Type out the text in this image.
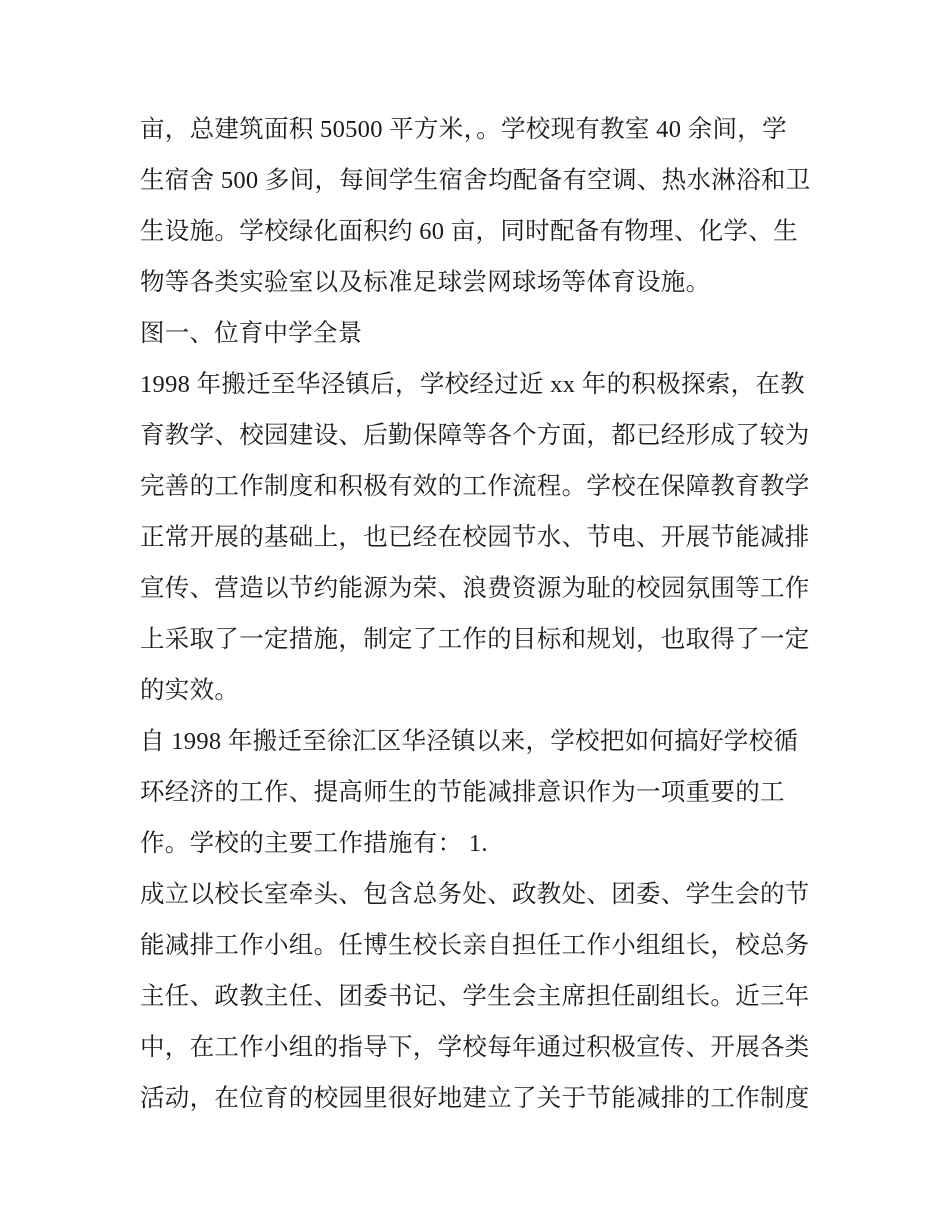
亩，总建筑面积 50500 平方米，。学校现有教室 40 余间，学
生宿舍 500 多间，每间学生宿舍均配备有空调、热水淋浴和卫
生设施。学校绿化面积约 60 亩，同时配备有物理、化学、生
物等各类实验室以及标准足球尝网球场等体育设施。
图一、位育中学全景
1998 年搬迁至华泾镇后，学校经过近 xx 年的积极探索，在教
育教学、校园建设、后勤保障等各个方面，都已经形成了较为
完善的工作制度和积极有效的工作流程。学校在保障教育教学
正常开展的基础上，也已经在校园节水、节电、开展节能减排
宣传、营造以节约能源为荣、浪费资源为耻的校园氛围等工作
上采取了一定措施，制定了工作的目标和规划，也取得了一定
的实效。
自 1998 年搬迁至徐汇区华泾镇以来，学校把如何搞好学校循
环经济的工作、提高师生的节能减排意识作为一项重要的工
作。学校的主要工作措施有： 1.
成立以校长室牵头、包含总务处、政教处、团委、学生会的节
能减排工作小组。任博生校长亲自担任工作小组组长，校总务
主任、政教主任、团委书记、学生会主席担任副组长。近三年
中，在工作小组的指导下，学校每年通过积极宣传、开展各类
活动，在位育的校园里很好地建立了关于节能减排的工作制度
